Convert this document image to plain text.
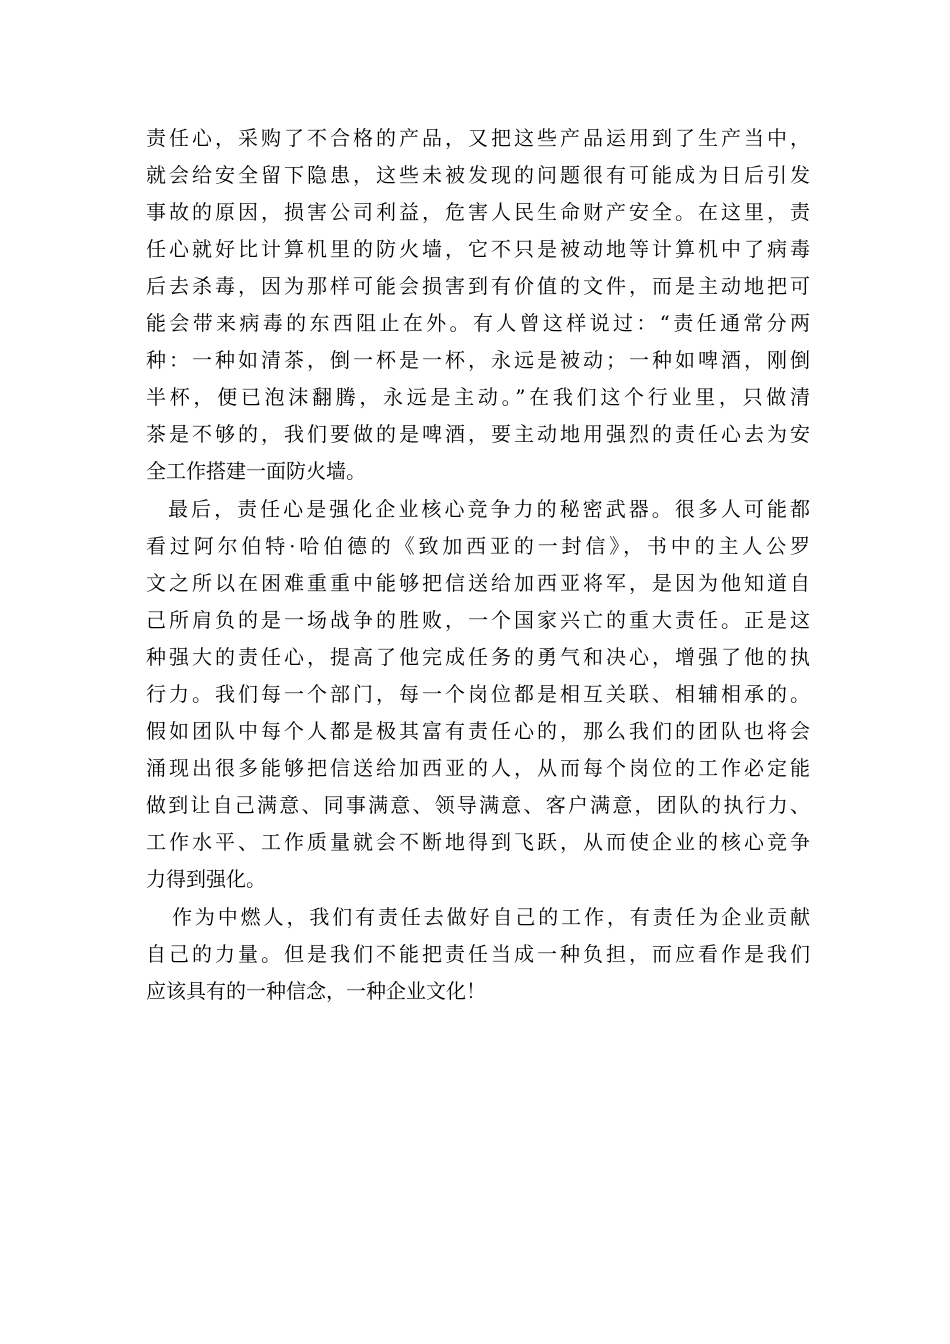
责任心，采购了不合格的产品，又把这些产品运用到了生产当中，
就会给安全留下隐患，这些未被发现的问题很有可能成为日后引发
事故的原因，损害公司利益，危害人民生命财产安全。在这里，责
任心就好比计算机里的防火墙，它不只是被动地等计算机中了病毒
后去杀毒，因为那样可能会损害到有价值的文件，而是主动地把可
能会带来病毒的东西阻止在外。有人曾这样说过：“责任通常分两
种：一种如清茶，倒一杯是一杯，永远是被动；一种如啤酒，刚倒
半杯，便已泡沫翻腾，永远是主动。”在我们这个行业里，只做清
茶是不够的，我们要做的是啤酒，要主动地用强烈的责任心去为安
全工作搭建一面防火墙。
最后，责任心是强化企业核心竞争力的秘密武器。很多人可能都
看过阿尔伯特·哈伯德的《致加西亚的一封信》，书中的主人公罗
文之所以在困难重重中能够把信送给加西亚将军，是因为他知道自
己所肩负的是一场战争的胜败，一个国家兴亡的重大责任。正是这
种强大的责任心，提高了他完成任务的勇气和决心，增强了他的执
行力。我们每一个部门，每一个岗位都是相互关联、相辅相承的。
假如团队中每个人都是极其富有责任心的，那么我们的团队也将会
涌现出很多能够把信送给加西亚的人，从而每个岗位的工作必定能
做到让自己满意、同事满意、领导满意、客户满意，团队的执行力、
工作水平、工作质量就会不断地得到飞跃，从而使企业的核心竞争
力得到强化。
作为中燃人，我们有责任去做好自己的工作，有责任为企业贡献
自己的力量。但是我们不能把责任当成一种负担，而应看作是我们
应该具有的一种信念，一种企业文化！
